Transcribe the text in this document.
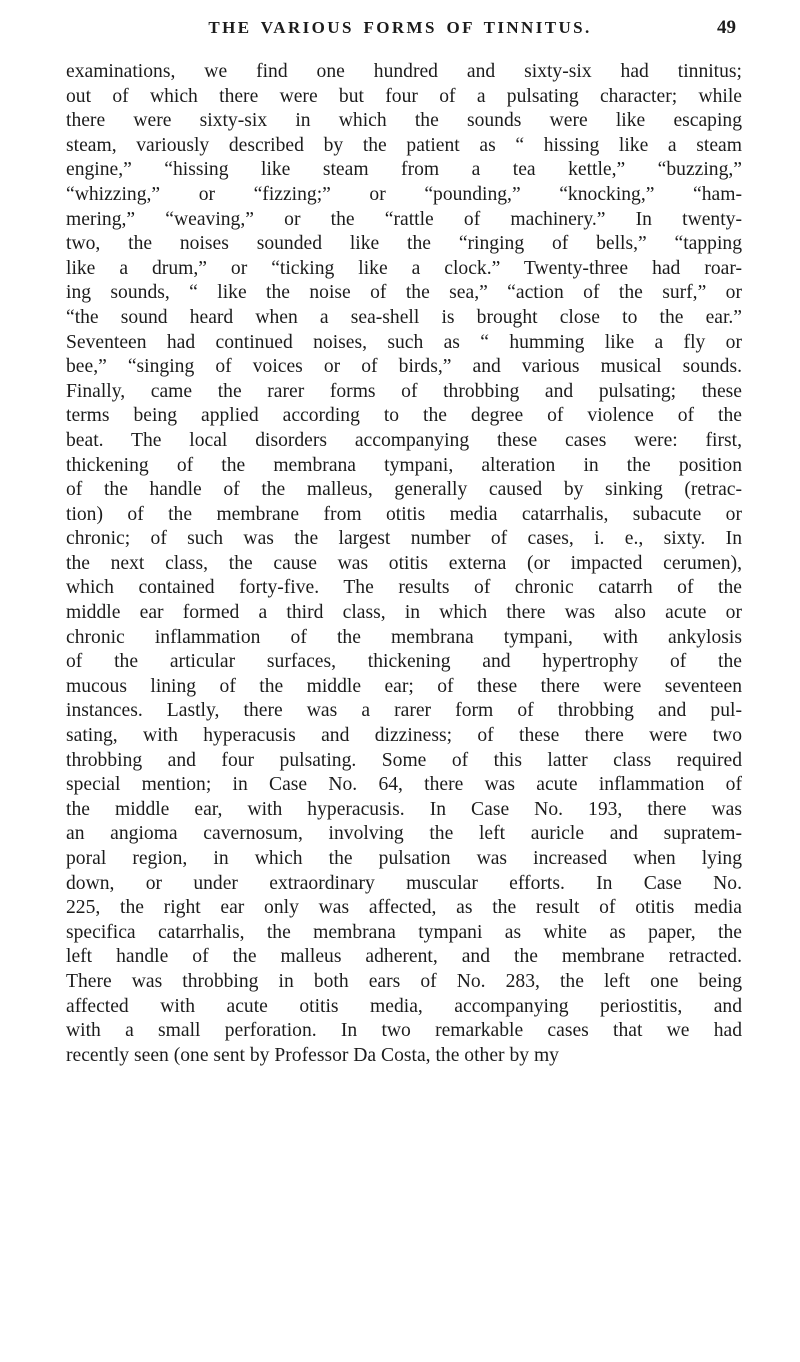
THE VARIOUS FORMS OF TINNITUS.	49
examinations, we find one hundred and sixty-six had tinnitus;
out of which there were but four of a pulsating character; while
there were sixty-six in which the sounds were like escaping
steam, variously described by the patient as “ hissing like a steam
engine,” “hissing like steam from a tea kettle,” “buzzing,”
“whizzing,” or “fizzing;” or “pounding,” “knocking,” “ham-
mering,” “weaving,” or the “rattle of machinery.” In twenty-
two, the noises sounded like the “ringing of bells,” “tapping
like a drum,” or “ticking like a clock.” Twenty-three had roar-
ing sounds, “ like the noise of the sea,” “action of the surf,” or
“the sound heard when a sea-shell is brought close to the ear.”
Seventeen had continued noises, such as “ humming like a fly or
bee,” “singing of voices or of birds,” and various musical sounds.
Finally, came the rarer forms of throbbing and pulsating; these
terms being applied according to the degree of violence of the
beat. The local disorders accompanying these cases were: first,
thickening of the membrana tympani, alteration in the position
of the handle of the malleus, generally caused by sinking (retrac-
tion) of the membrane from otitis media catarrhalis, subacute or
chronic; of such was the largest number of cases, i. e., sixty. In
the next class, the cause was otitis externa (or impacted cerumen),
which contained forty-five. The results of chronic catarrh of the
middle ear formed a third class, in which there was also acute or
chronic inflammation of the membrana tympani, with ankylosis
of the articular surfaces, thickening and hypertrophy of the
mucous lining of the middle ear; of these there were seventeen
instances. Lastly, there was a rarer form of throbbing and pul-
sating, with hyperacusis and dizziness; of these there were two
throbbing and four pulsating. Some of this latter class required
special mention; in Case No. 64, there was acute inflammation of
the middle ear, with hyperacusis. In Case No. 193, there was
an angioma cavernosum, involving the left auricle and supratem-
poral region, in which the pulsation was increased when lying
down, or under extraordinary muscular efforts. In Case No.
225, the right ear only was affected, as the result of otitis media
specifica catarrhalis, the membrana tympani as white as paper, the
left handle of the malleus adherent, and the membrane retracted.
There was throbbing in both ears of No. 283, the left one being
affected with acute otitis media, accompanying periostitis, and
with a small perforation. In two remarkable cases that we had
recently seen (one sent by Professor Da Costa, the other by my
